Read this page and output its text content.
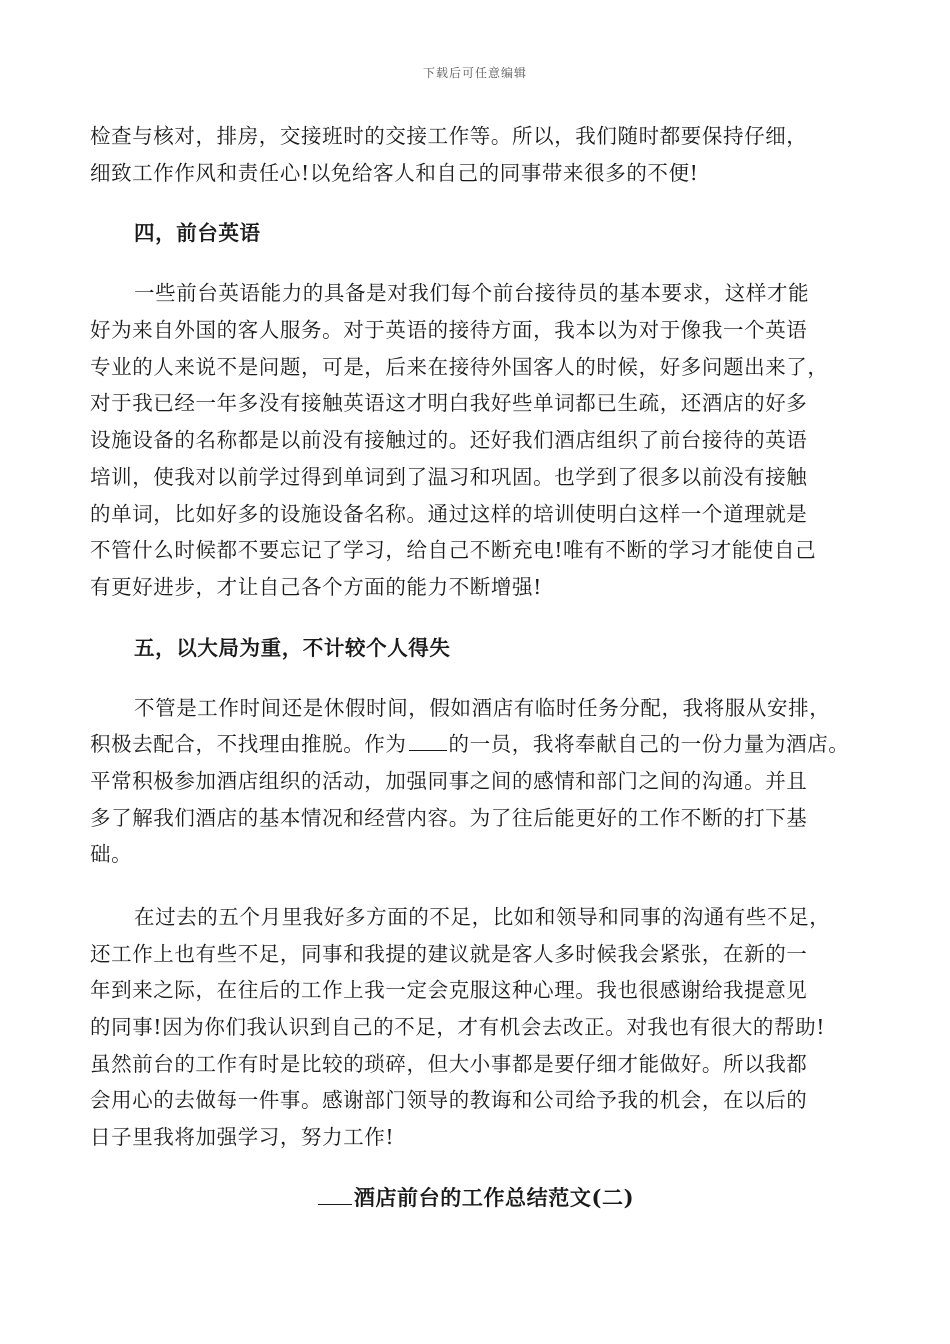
下载后可任意编辑
检查与核对，排房，交接班时的交接工作等。所以，我们随时都要保持仔细，
细致工作作风和责任心!以免给客人和自己的同事带来很多的不便!
四，前台英语
一些前台英语能力的具备是对我们每个前台接待员的基本要求，这样才能
好为来自外国的客人服务。对于英语的接待方面，我本以为对于像我一个英语
专业的人来说不是问题，可是，后来在接待外国客人的时候，好多问题出来了，
对于我已经一年多没有接触英语这才明白我好些单词都已生疏，还酒店的好多
设施设备的名称都是以前没有接触过的。还好我们酒店组织了前台接待的英语
培训，使我对以前学过得到单词到了温习和巩固。也学到了很多以前没有接触
的单词，比如好多的设施设备名称。通过这样的培训使明白这样一个道理就是
不管什么时候都不要忘记了学习，给自己不断充电!唯有不断的学习才能使自己
有更好进步，才让自己各个方面的能力不断增强!
五，以大局为重，不计较个人得失
不管是工作时间还是休假时间，假如酒店有临时任务分配，我将服从安排，
积极去配合，不找理由推脱。作为 的一员，我将奉献自己的一份力量为酒店。
平常积极参加酒店组织的活动，加强同事之间的感情和部门之间的沟通。并且
多了解我们酒店的基本情况和经营内容。为了往后能更好的工作不断的打下基
础。
在过去的五个月里我好多方面的不足，比如和领导和同事的沟通有些不足，
还工作上也有些不足，同事和我提的建议就是客人多时候我会紧张，在新的一
年到来之际，在往后的工作上我一定会克服这种心理。我也很感谢给我提意见
的同事!因为你们我认识到自己的不足，才有机会去改正。对我也有很大的帮助!
虽然前台的工作有时是比较的琐碎，但大小事都是要仔细才能做好。所以我都
会用心的去做每一件事。感谢部门领导的教诲和公司给予我的机会，在以后的
日子里我将加强学习，努力工作!
酒店前台的工作总结范文(二)
